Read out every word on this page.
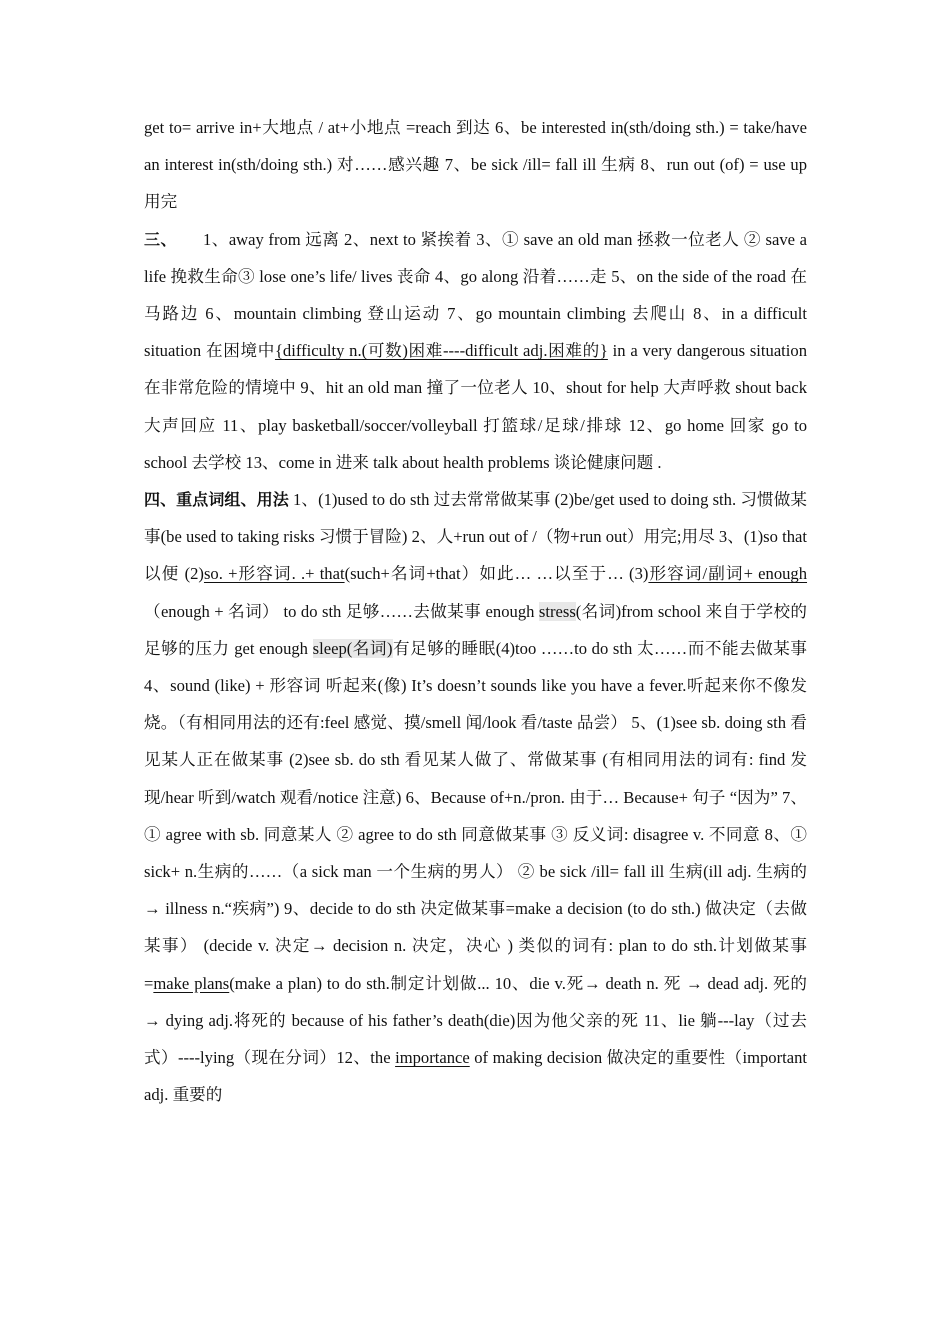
get to= arrive in+大地点 / at+小地点 =reach 到达 6、be interested in(sth/doing sth.) = take/have an interest in(sth/doing sth.) 对……感兴趣 7、be sick /ill= fall ill 生病 8、run out (of) = use up 用完

三、　　1、away from 远离 2、next to 紧挨着 3、① save an old man 拯救一位老人 ② save a life 挽救生命③ lose one’s life/ lives 丧命 4、go along 沿着……走 5、on the side of the road 在马路边 6、mountain climbing 登山运动 7、go mountain climbing 去爬山 8、in a difficult situation 在困境中{difficulty n.(可数)困难----difficult adj.困难的} in a very dangerous situation 在非常危险的情境中 9、hit an old man 撞了一位老人 10、shout for help 大声呼救 shout back 大声回应 11、play basketball/soccer/volleyball 打篮球/足球/排球 12、go home 回家 go to school 去学校 13、come in 进来 talk about health problems 谈论健康问题 .

四、重点词组、用法 1、(1)used to do sth 过去常常做某事 (2)be/get used to doing sth. 习惯做某事(be used to taking risks 习惯于冒险) 2、人+run out of /（物+run out）用完;用尽 3、(1)so that 以便 (2)so. +形容词. .+ that(such+名词+that）如此… …以至于… (3)形容词/副词+ enough（enough + 名词） to do sth 足够……去做某事 enough stress(名词)from school 来自于学校的足够的压力 get enough sleep(名词)有足够的睡眠(4)too ……to do sth 太……而不能去做某事 4、sound (like) + 形容词 听起来(像) It’s doesn’t sounds like you have a fever.听起来你不像发烧。（有相同用法的还有:feel 感觉、摸/smell 闻/look 看/taste 品尝） 5、(1)see sb. doing sth 看见某人正在做某事 (2)see sb. do sth 看见某人做了、常做某事 (有相同用法的词有: find 发现/hear 听到/watch 观看/notice 注意) 6、Because of+n./pron. 由于… Because+ 句子 “因为” 7、① agree with sb. 同意某人 ② agree to do sth 同意做某事 ③ 反义词: disagree v. 不同意 8、① sick+ n.生病的……（a sick man 一个生病的男人） ② be sick /ill= fall ill 生病(ill adj. 生病的 → illness n.“疾病”) 9、decide to do sth 决定做某事=make a decision (to do sth.) 做决定（去做某事） (decide v. 决定→ decision n. 决定，决心 ) 类似的词有: plan to do sth.计划做某事=make plans(make a plan) to do sth.制定计划做... 10、die v.死→ death n. 死 → dead adj. 死的 → dying adj.将死的 because of his father’s death(die)因为他父亲的死 11、lie 躺---lay（过去式）----lying（现在分词）12、the importance of making decision 做决定的重要性（important adj. 重要的
